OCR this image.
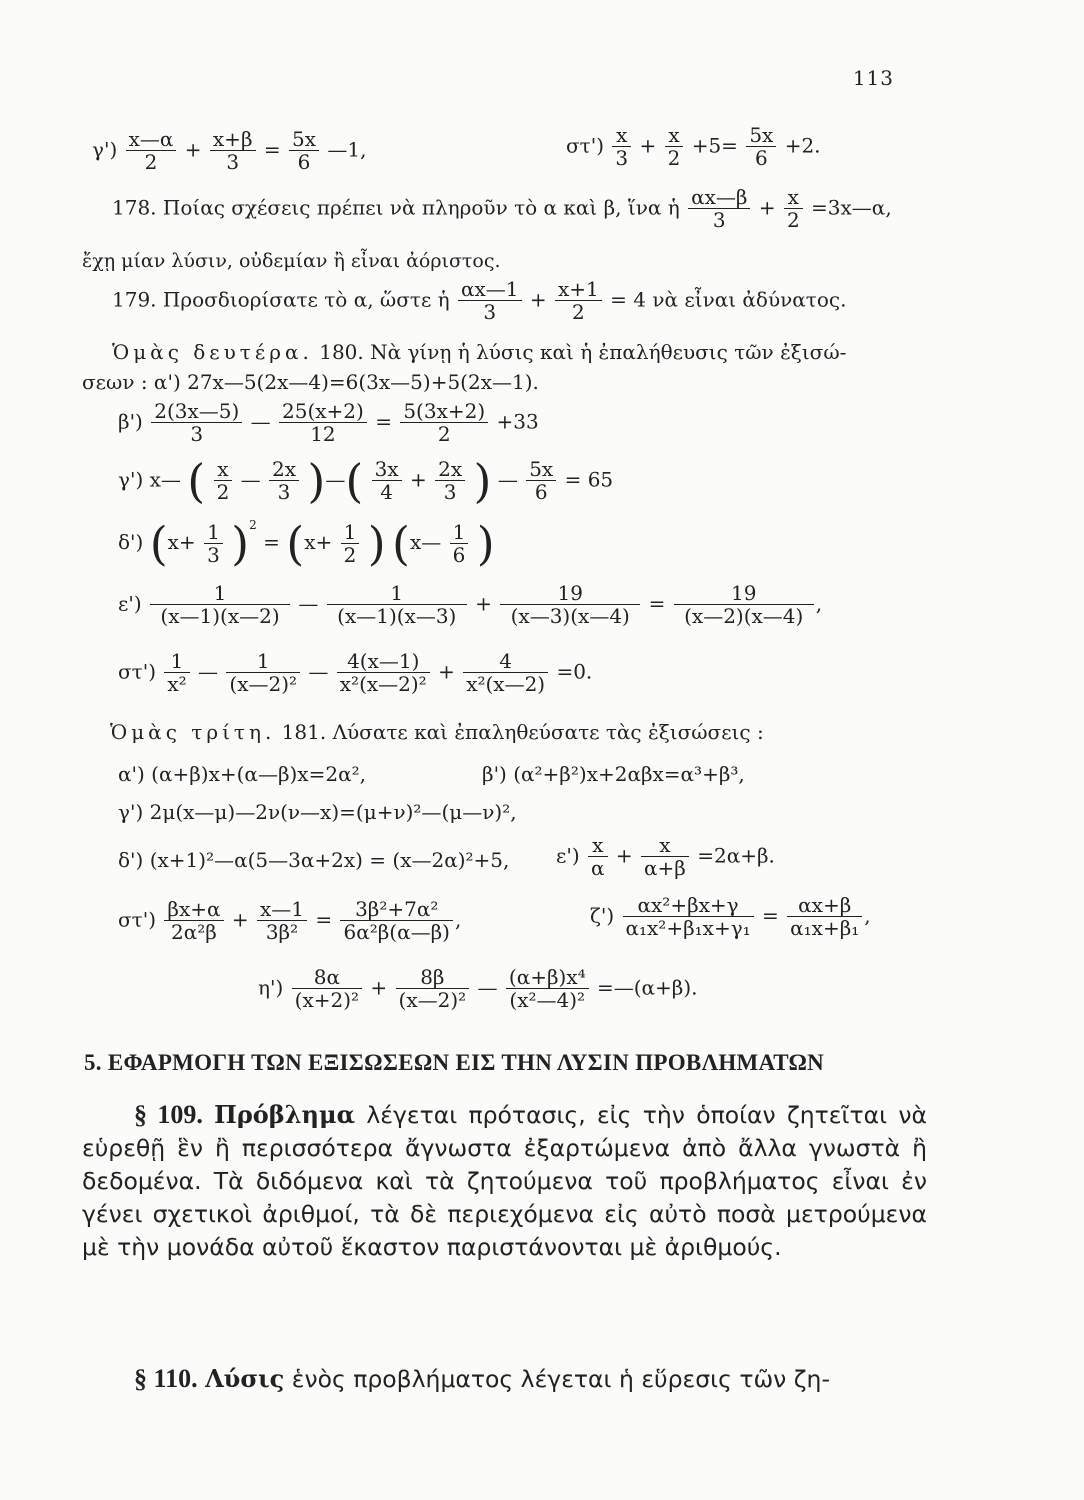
113
$\gamma') \frac{x—\alpha}{2} + \frac{x+\beta}{3} = \frac{5x}{6}$ —1,	$\sigma\tau') \frac{x}{3} + \frac{x}{2} +5= \frac{5x}{6} +2$.
178. Ποίας σχέσεις πρέπει νὰ πληροῦν τὸ α καὶ β, ἵνα ἡ $\frac{\alpha x—\beta}{3} + \frac{x}{2}$ =3x—α,
ἔχῃ μίαν λύσιν, οὐδεμίαν ἢ εἶναι ἀόριστος.
179. Προσδιορίσατε τὸ α, ὥστε ἡ $\frac{\alpha x—1}{3} + \frac{x+1}{2} = 4$ νὰ εἶναι ἀδύνατος.
Ὁμὰς δευτέρα. 180. Νὰ γίνῃ ἡ λύσις καὶ ἡ ἐπαλήθευσις τῶν ἐξισώ-
σεων : α') 27x—5(2x—4)=6(3x—5)+5(2x—1).
$\beta') \frac{2(3x—5)}{3}$ — $\frac{25(x+2)}{12} = \frac{5(3x+2)}{2} +33$
γ') x— ( $\frac{x}{2}$ — $\frac{2x}{3}$ )—( $\frac{3x}{4} + \frac{2x}{3}$ ) — $\frac{5x}{6} = 65$
δ') $(x+ \frac{1}{3} )^2 = (x+ \frac{1}{2}$ ) (x— $\frac{1}{6}$ )
$\varepsilon') \frac{1}{(x—1)(x—2)}$ — $\frac{1}{(x—1)(x—3)} + \frac{19}{(x—3)(x—4)} = \frac{19}{(x—2)(x—4)}$ ,
$\sigma\tau') \frac{1}{\text{x²}}$ — $\frac{1}{\text{(x—2)²}}$ — $\frac{4(x—1)}{\text{x²(x—2)²}} + \frac{4}{\text{x²(x—2)}} =0$.
Ὁμὰς τρίτη. 181. Λύσατε καὶ ἐπαληθεύσατε τὰς ἐξισώσεις :
α') (α+β)x+(α—β)x=2α²,	β') (α²+β²)x+2αβx=α³+β³,
γ') 2μ(x—μ)—2ν(ν—x)=(μ+ν)²—(μ—ν)²,
δ') (x+1)²—α(5—3α+2x) = (x—2α)²+5, $\varepsilon') \frac{x}{\alpha} + \frac{x}{\alpha+\beta} =2\alpha+\beta$.
$\sigma\tau') \frac{\beta x+\alpha}{\text{2α²β}} + \frac{x—1}{\text{3β²}} = \frac{\text{3β²+7α²}}{\text{6α²β(α—β)}}$ ,	$\zeta') \frac{\text{αx²+βx+γ}}{\text{α₁x²+β₁x+γ₁}} = \frac{\alpha x+\beta}{\text{α₁x+β₁}}$ ,
$\eta') \frac{8\alpha}{\text{(x+2)²}} + \frac{8\beta}{\text{(x—2)²}}$ — $\frac{\text{(α+β)x⁴}}{\text{(x²—4)²}}$ =—(α+β).
5. ΕΦΑΡΜΟΓΗ ΤΩΝ ΕΞΙΣΩΣΕΩΝ ΕΙΣ ΤΗΝ ΛΥΣΙΝ ΠΡΟΒΛΗΜΑΤΩΝ
§ 109. Πρόβλημα λέγεται πρότασις, εἰς τὴν ὁποίαν ζητεῖται νὰ εὑρεθῇ ἓν ἢ περισσότερα ἄγνωστα ἐξαρτώμενα ἀπὸ ἄλλα γνωστὰ ἢ δεδομένα. Τὰ διδόμενα καὶ τὰ ζητούμενα τοῦ προβλήματος εἶναι ἐν γένει σχετικοὶ ἀριθμοί, τὰ δὲ περιεχόμενα εἰς αὐτὸ ποσὰ μετρούμενα μὲ τὴν μονάδα αὐτοῦ ἕκαστον παριστάνονται μὲ ἀριθμούς.
§ 110. Λύσις ἑνὸς προβλήματος λέγεται ἡ εὕρεσις τῶν ζη-
